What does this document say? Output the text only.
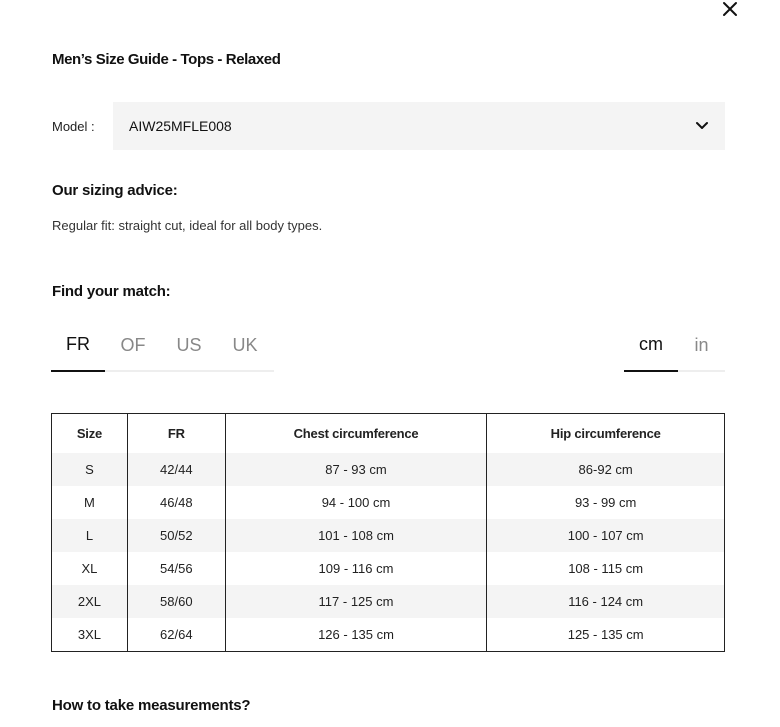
Men’s Size Guide - Tops - Relaxed
Model : AIW25MFLE008
Our sizing advice:
Regular fit: straight cut, ideal for all body types.
Find your match:
FR	OF	US	UK	cm	in
Size	FR	Chest circumference	Hip circumference
S	42/44	87 - 93 cm	86-92 cm
M	46/48	94 - 100 cm	93 - 99 cm
L	50/52	101 - 108 cm	100 - 107 cm
XL	54/56	109 - 116 cm	108 - 115 cm
2XL	58/60	117 - 125 cm	116 - 124 cm
3XL	62/64	126 - 135 cm	125 - 135 cm
How to take measurements?
